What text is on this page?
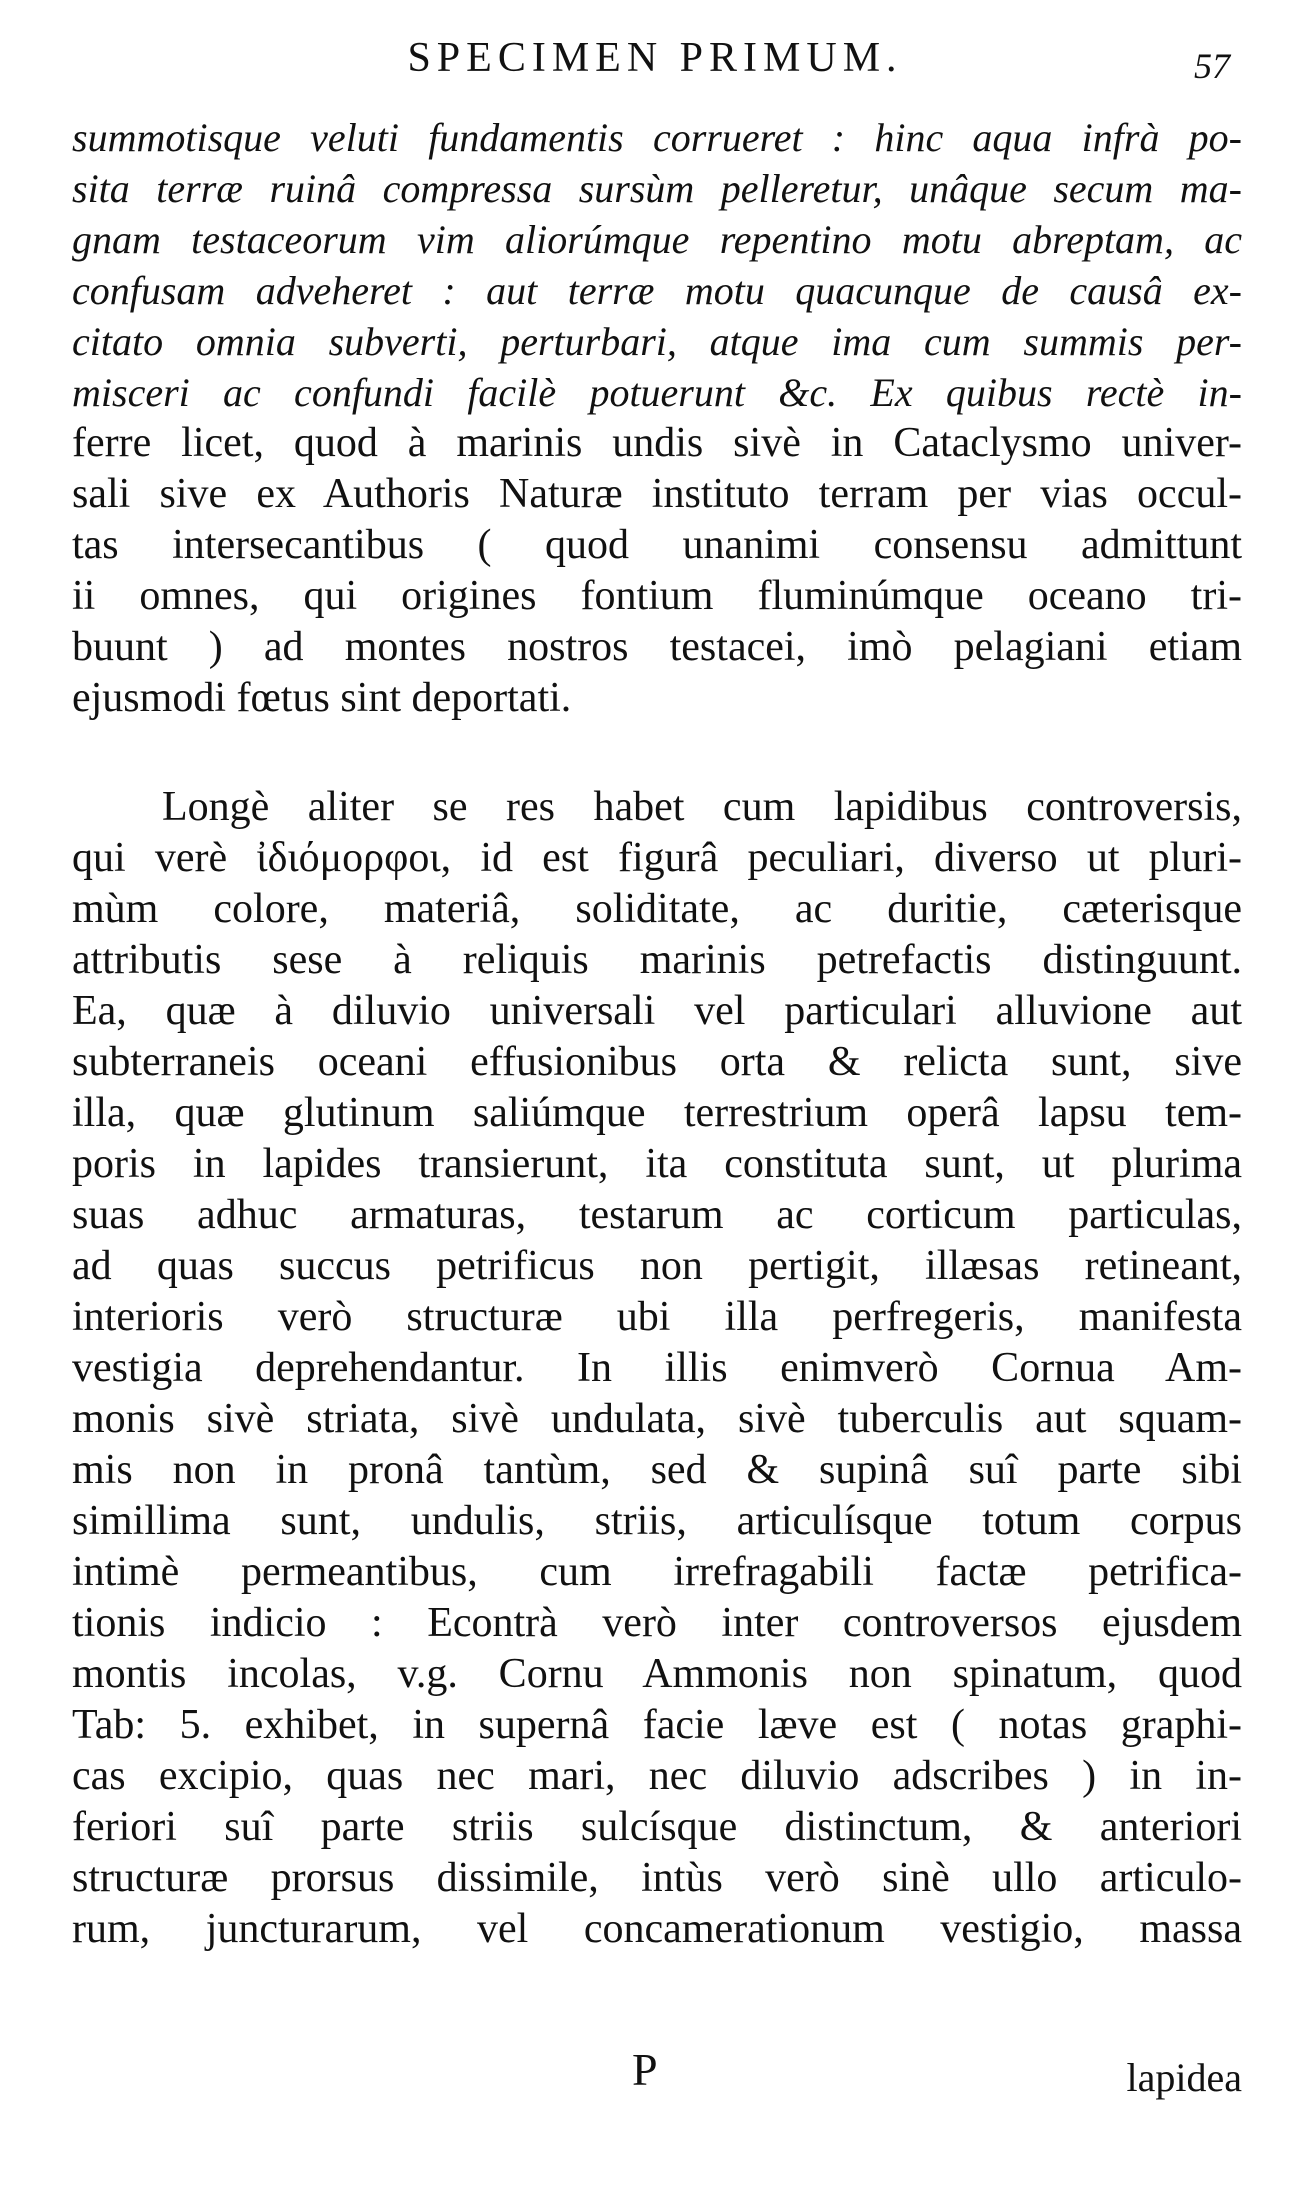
SPECIMEN PRIMUM.	57
summotisque veluti fundamentis corrueret : hinc aqua infrà po-
sita terræ ruinâ compressa sursùm pelleretur, unâque secum ma-
gnam testaceorum vim aliorúmque repentino motu abreptam, ac
confusam adveheret : aut terræ motu quacunque de causâ ex-
citato omnia subverti, perturbari, atque ima cum summis per-
misceri ac confundi facilè potuerunt &c. Ex quibus rectè in-
ferre licet, quod à marinis undis sivè in Cataclysmo univer-
sali sive ex Authoris Naturæ instituto terram per vias occul-
tas intersecantibus ( quod unanimi consensu admittunt
ii omnes, qui origines fontium fluminúmque oceano tri-
buunt ) ad montes nostros testacei, imò pelagiani etiam
ejusmodi fœtus sint deportati.
Longè aliter se res habet cum lapidibus controversis,
qui verè ἰδιόμορφοι, id est figurâ peculiari, diverso ut pluri-
mùm colore, materiâ, soliditate, ac duritie, cæterisque
attributis sese à reliquis marinis petrefactis distinguunt.
Ea, quæ à diluvio universali vel particulari alluvione aut
subterraneis oceani effusionibus orta & relicta sunt, sive
illa, quæ glutinum saliúmque terrestrium operâ lapsu tem-
poris in lapides transierunt, ita constituta sunt, ut plurima
suas adhuc armaturas, testarum ac corticum particulas,
ad quas succus petrificus non pertigit, illæsas retineant,
interioris verò structuræ ubi illa perfregeris, manifesta
vestigia deprehendantur. In illis enimverò Cornua Am-
monis sivè striata, sivè undulata, sivè tuberculis aut squam-
mis non in pronâ tantùm, sed & supinâ suî parte sibi
simillima sunt, undulis, striis, articulísque totum corpus
intimè permeantibus, cum irrefragabili factæ petrifica-
tionis indicio : Econtrà verò inter controversos ejusdem
montis incolas, v.g. Cornu Ammonis non spinatum, quod
Tab: 5. exhibet, in supernâ facie læve est ( notas graphi-
cas excipio, quas nec mari, nec diluvio adscribes ) in in-
feriori suî parte striis sulcísque distinctum, & anteriori
structuræ prorsus dissimile, intùs verò sinè ullo articulo-
rum, juncturarum, vel concamerationum vestigio, massa
P	lapidea
